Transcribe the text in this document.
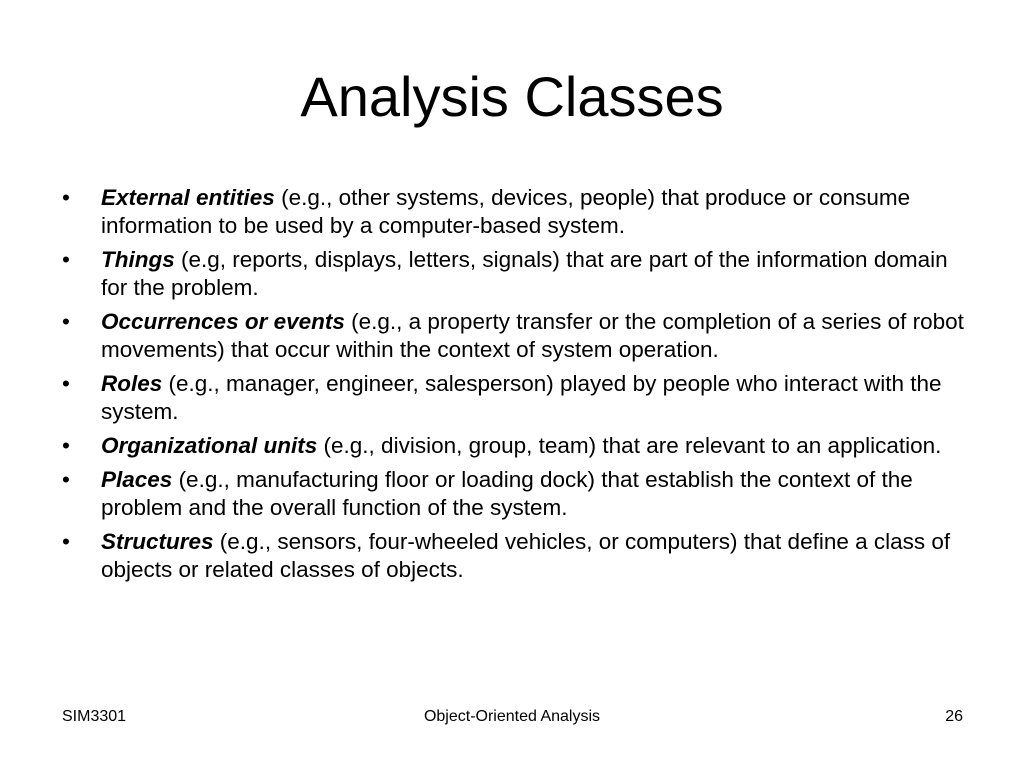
Analysis Classes
•	External entities (e.g., other systems, devices, people) that produce or consume information to be used by a computer-based system.
•	Things (e.g, reports, displays, letters, signals) that are part of the information domain for the problem.
•	Occurrences or events (e.g., a property transfer or the completion of a series of robot movements) that occur within the context of system operation.
•	Roles (e.g., manager, engineer, salesperson) played by people who interact with the system.
•	Organizational units (e.g., division, group, team) that are relevant to an application.
•	Places (e.g., manufacturing floor or loading dock) that establish the context of the problem and the overall function of the system.
•	Structures (e.g., sensors, four-wheeled vehicles, or computers) that define a class of objects or related classes of objects.
SIM3301	Object-Oriented Analysis	26
